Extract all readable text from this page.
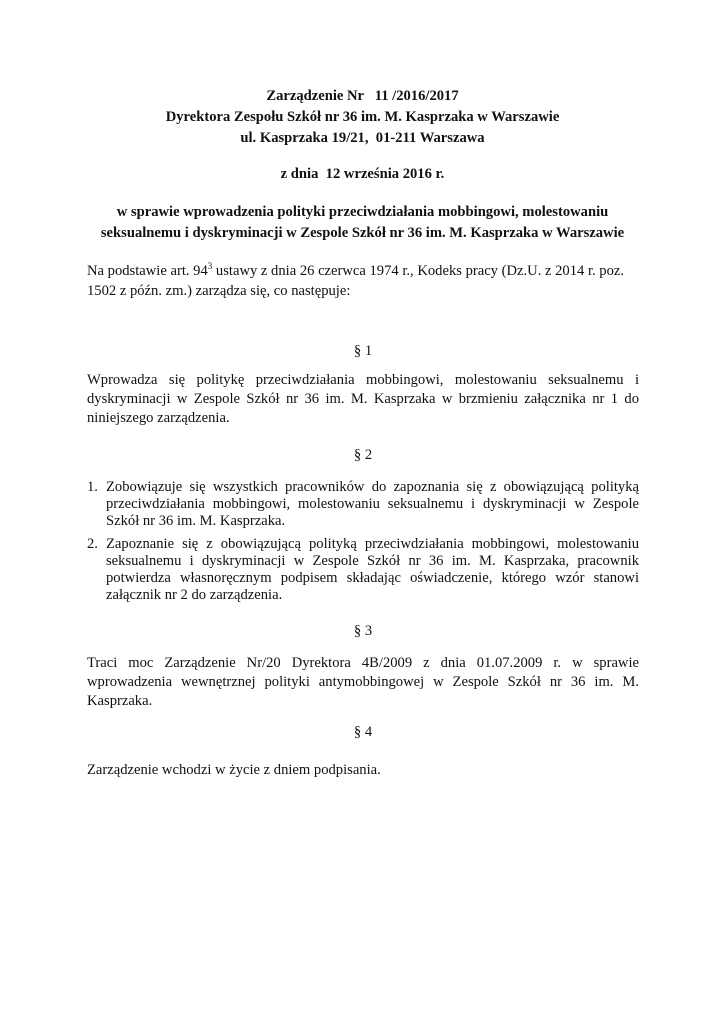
Zarządzenie Nr   11 /2016/2017
Dyrektora Zespołu Szkół nr 36 im. M. Kasprzaka w Warszawie
ul. Kasprzaka 19/21,  01-211 Warszawa
z dnia  12 września 2016 r.
w sprawie wprowadzenia polityki przeciwdziałania mobbingowi, molestowaniu
seksualnemu i dyskryminacji w Zespole Szkół nr 36 im. M. Kasprzaka w Warszawie
Na podstawie art. $94^3$ ustawy z dnia 26 czerwca 1974 r., Kodeks pracy (Dz.U. z 2014 r. poz. 1502 z późn. zm.) zarządza się, co następuje:
§ 1
Wprowadza się politykę przeciwdziałania mobbingowi, molestowaniu seksualnemu i dyskryminacji w Zespole Szkół nr 36 im. M. Kasprzaka w brzmieniu załącznika nr 1 do niniejszego zarządzenia.
§ 2
1. Zobowiązuje się wszystkich pracowników do zapoznania się z obowiązującą polityką przeciwdziałania mobbingowi, molestowaniu seksualnemu i dyskryminacji w Zespole Szkół nr 36 im. M. Kasprzaka.
2. Zapoznanie się z obowiązującą polityką przeciwdziałania mobbingowi, molestowaniu seksualnemu i dyskryminacji w Zespole Szkół nr 36 im. M. Kasprzaka, pracownik potwierdza własnoręcznym podpisem składając oświadczenie, którego wzór stanowi załącznik nr 2 do zarządzenia.
§ 3
Traci moc Zarządzenie Nr/20 Dyrektora 4B/2009 z dnia 01.07.2009 r. w sprawie wprowadzenia wewnętrznej polityki antymobbingowej w Zespole Szkół nr 36 im. M. Kasprzaka.
§ 4
Zarządzenie wchodzi w życie z dniem podpisania.
